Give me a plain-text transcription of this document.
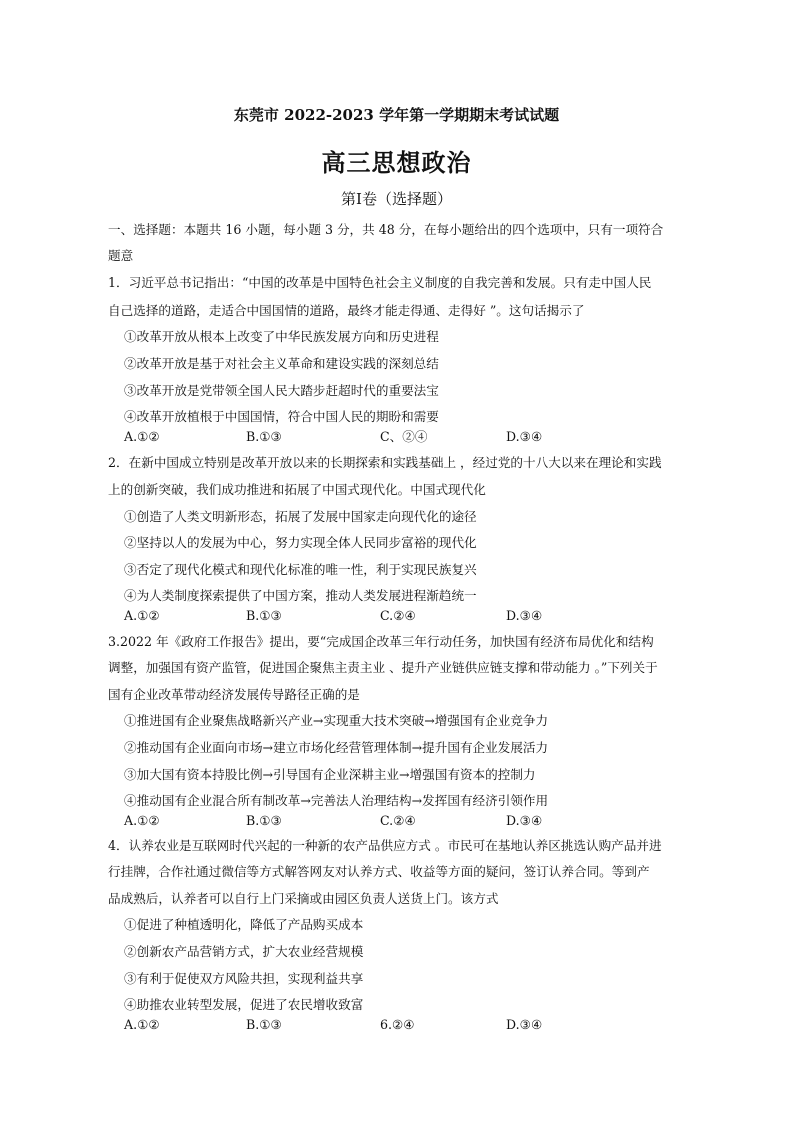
东莞市 2022-2023 学年第一学期期末考试试题
高三思想政治
第Ⅰ卷（选择题）
一、选择题：本题共 16 小题，每小题 3 分，共 48 分，在每小题给出的四个选项中，只有一项符合
题意
1．习近平总书记指出：“中国的改革是中国特色社会主义制度的自我完善和发展。只有走中国人民
自己选择的道路，走适合中国国情的道路，最终才能走得通、走得好 ”。这句话揭示了
①改革开放从根本上改变了中华民族发展方向和历史进程
②改革开放是基于对社会主义革命和建设实践的深刻总结
③改革开放是党带领全国人民大踏步赶超时代的重要法宝
④改革开放植根于中国国情，符合中国人民的期盼和需要
A.①②	B.①③	C、②④	D.③④
2．在新中国成立特别是改革开放以来的长期探索和实践基础上 ，经过党的十八大以来在理论和实践
上的创新突破，我们成功推进和拓展了中国式现代化。中国式现代化
①创造了人类文明新形态，拓展了发展中国家走向现代化的途径
②坚持以人的发展为中心，努力实现全体人民同步富裕的现代化
③否定了现代化模式和现代化标准的唯一性，利于实现民族复兴
④为人类制度探索提供了中国方案，推动人类发展进程渐趋统一
A.①②	B.①③	C.②④	D.③④
3.2022 年《政府工作报告》提出，要“完成国企改革三年行动任务，加快国有经济布局优化和结构
调整，加强国有资产监管，促进国企聚焦主责主业 、提升产业链供应链支撑和带动能力 。”下列关于
国有企业改革带动经济发展传导路径正确的是
①推进国有企业聚焦战略新兴产业→实现重大技术突破→增强国有企业竞争力
②推动国有企业面向市场→建立市场化经营管理体制→提升国有企业发展活力
③加大国有资本持股比例→引导国有企业深耕主业→增强国有资本的控制力
④推动国有企业混合所有制改革→完善法人治理结构→发挥国有经济引领作用
A.①②	B.①③	C.②④	D.③④
4．认养农业是互联网时代兴起的一种新的农产品供应方式 。市民可在基地认养区挑选认购产品并进
行挂牌，合作社通过微信等方式解答网友对认养方式、收益等方面的疑问，签订认养合同。等到产
品成熟后，认养者可以自行上门采摘或由园区负责人送货上门。该方式
①促进了种植透明化，降低了产品购买成本
②创新农产品营销方式，扩大农业经营规模
③有利于促使双方风险共担，实现利益共享
④助推农业转型发展，促进了农民增收致富
A.①②	B.①③	6.②④	D.③④
